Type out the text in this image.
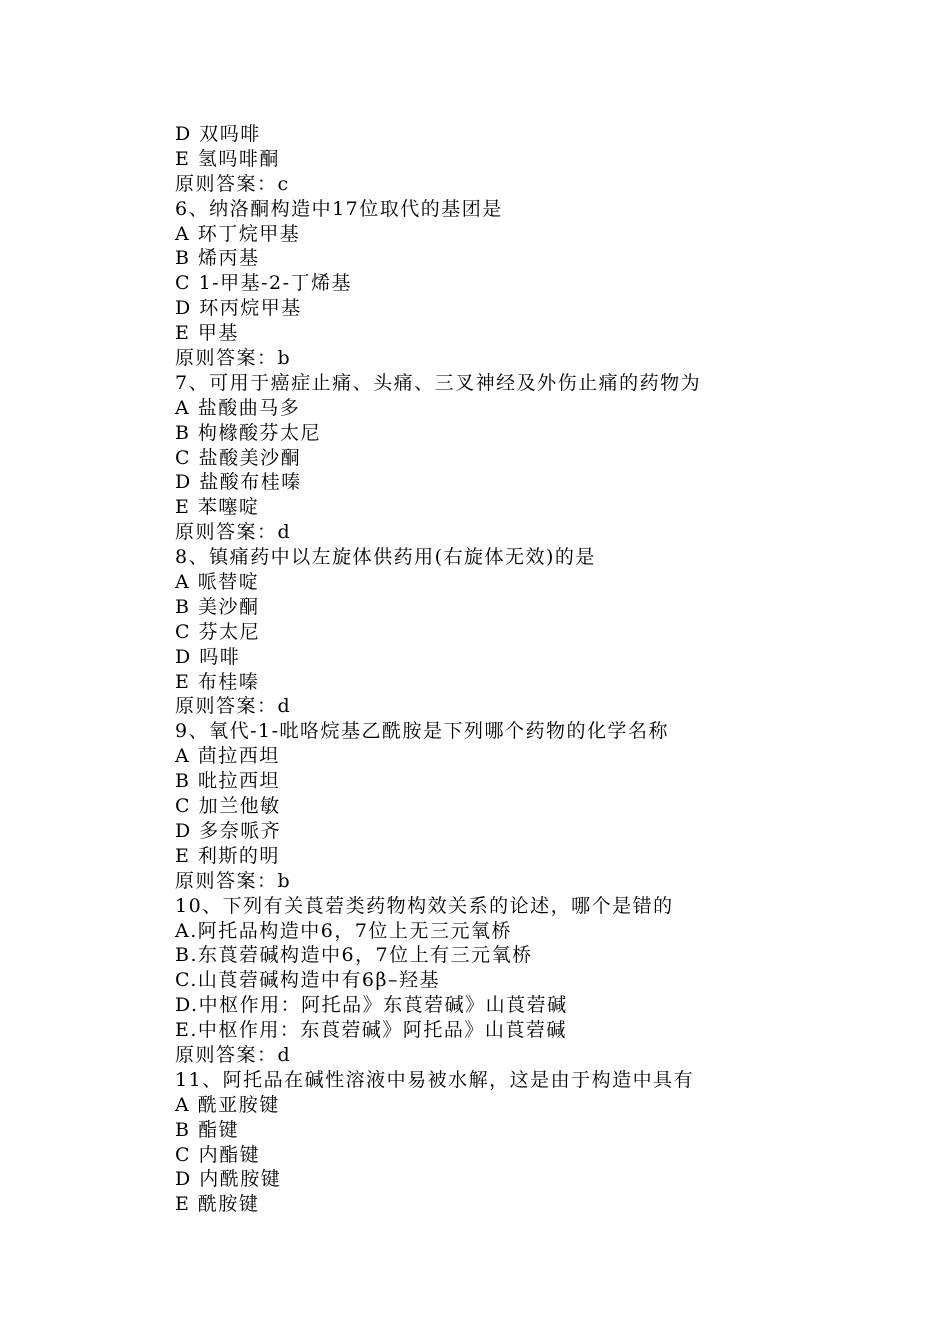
D 双吗啡
E 氢吗啡酮
原则答案：c
6、纳洛酮构造中17位取代的基团是
A 环丁烷甲基
B 烯丙基
C 1-甲基-2-丁烯基
D 环丙烷甲基
E 甲基
原则答案：b
7、可用于癌症止痛、头痛、三叉神经及外伤止痛的药物为
A 盐酸曲马多
B 枸橼酸芬太尼
C 盐酸美沙酮
D 盐酸布桂嗪
E 苯噻啶
原则答案：d
8、镇痛药中以左旋体供药用(右旋体无效)的是
A 哌替啶
B 美沙酮
C 芬太尼
D 吗啡
E 布桂嗪
原则答案：d
9、氧代-1-吡咯烷基乙酰胺是下列哪个药物的化学名称
A 茴拉西坦
B 吡拉西坦
C 加兰他敏
D 多奈哌齐
E 利斯的明
原则答案：b
10、下列有关莨菪类药物构效关系的论述，哪个是错的
A.阿托品构造中6，7位上无三元氧桥
B.东莨菪碱构造中6，7位上有三元氧桥
C.山莨菪碱构造中有6β–羟基
D.中枢作用：阿托品》东莨菪碱》山莨菪碱
E.中枢作用：东莨菪碱》阿托品》山莨菪碱
原则答案：d
11、阿托品在碱性溶液中易被水解，这是由于构造中具有
A 酰亚胺键
B 酯键
C 内酯键
D 内酰胺键
E 酰胺键
